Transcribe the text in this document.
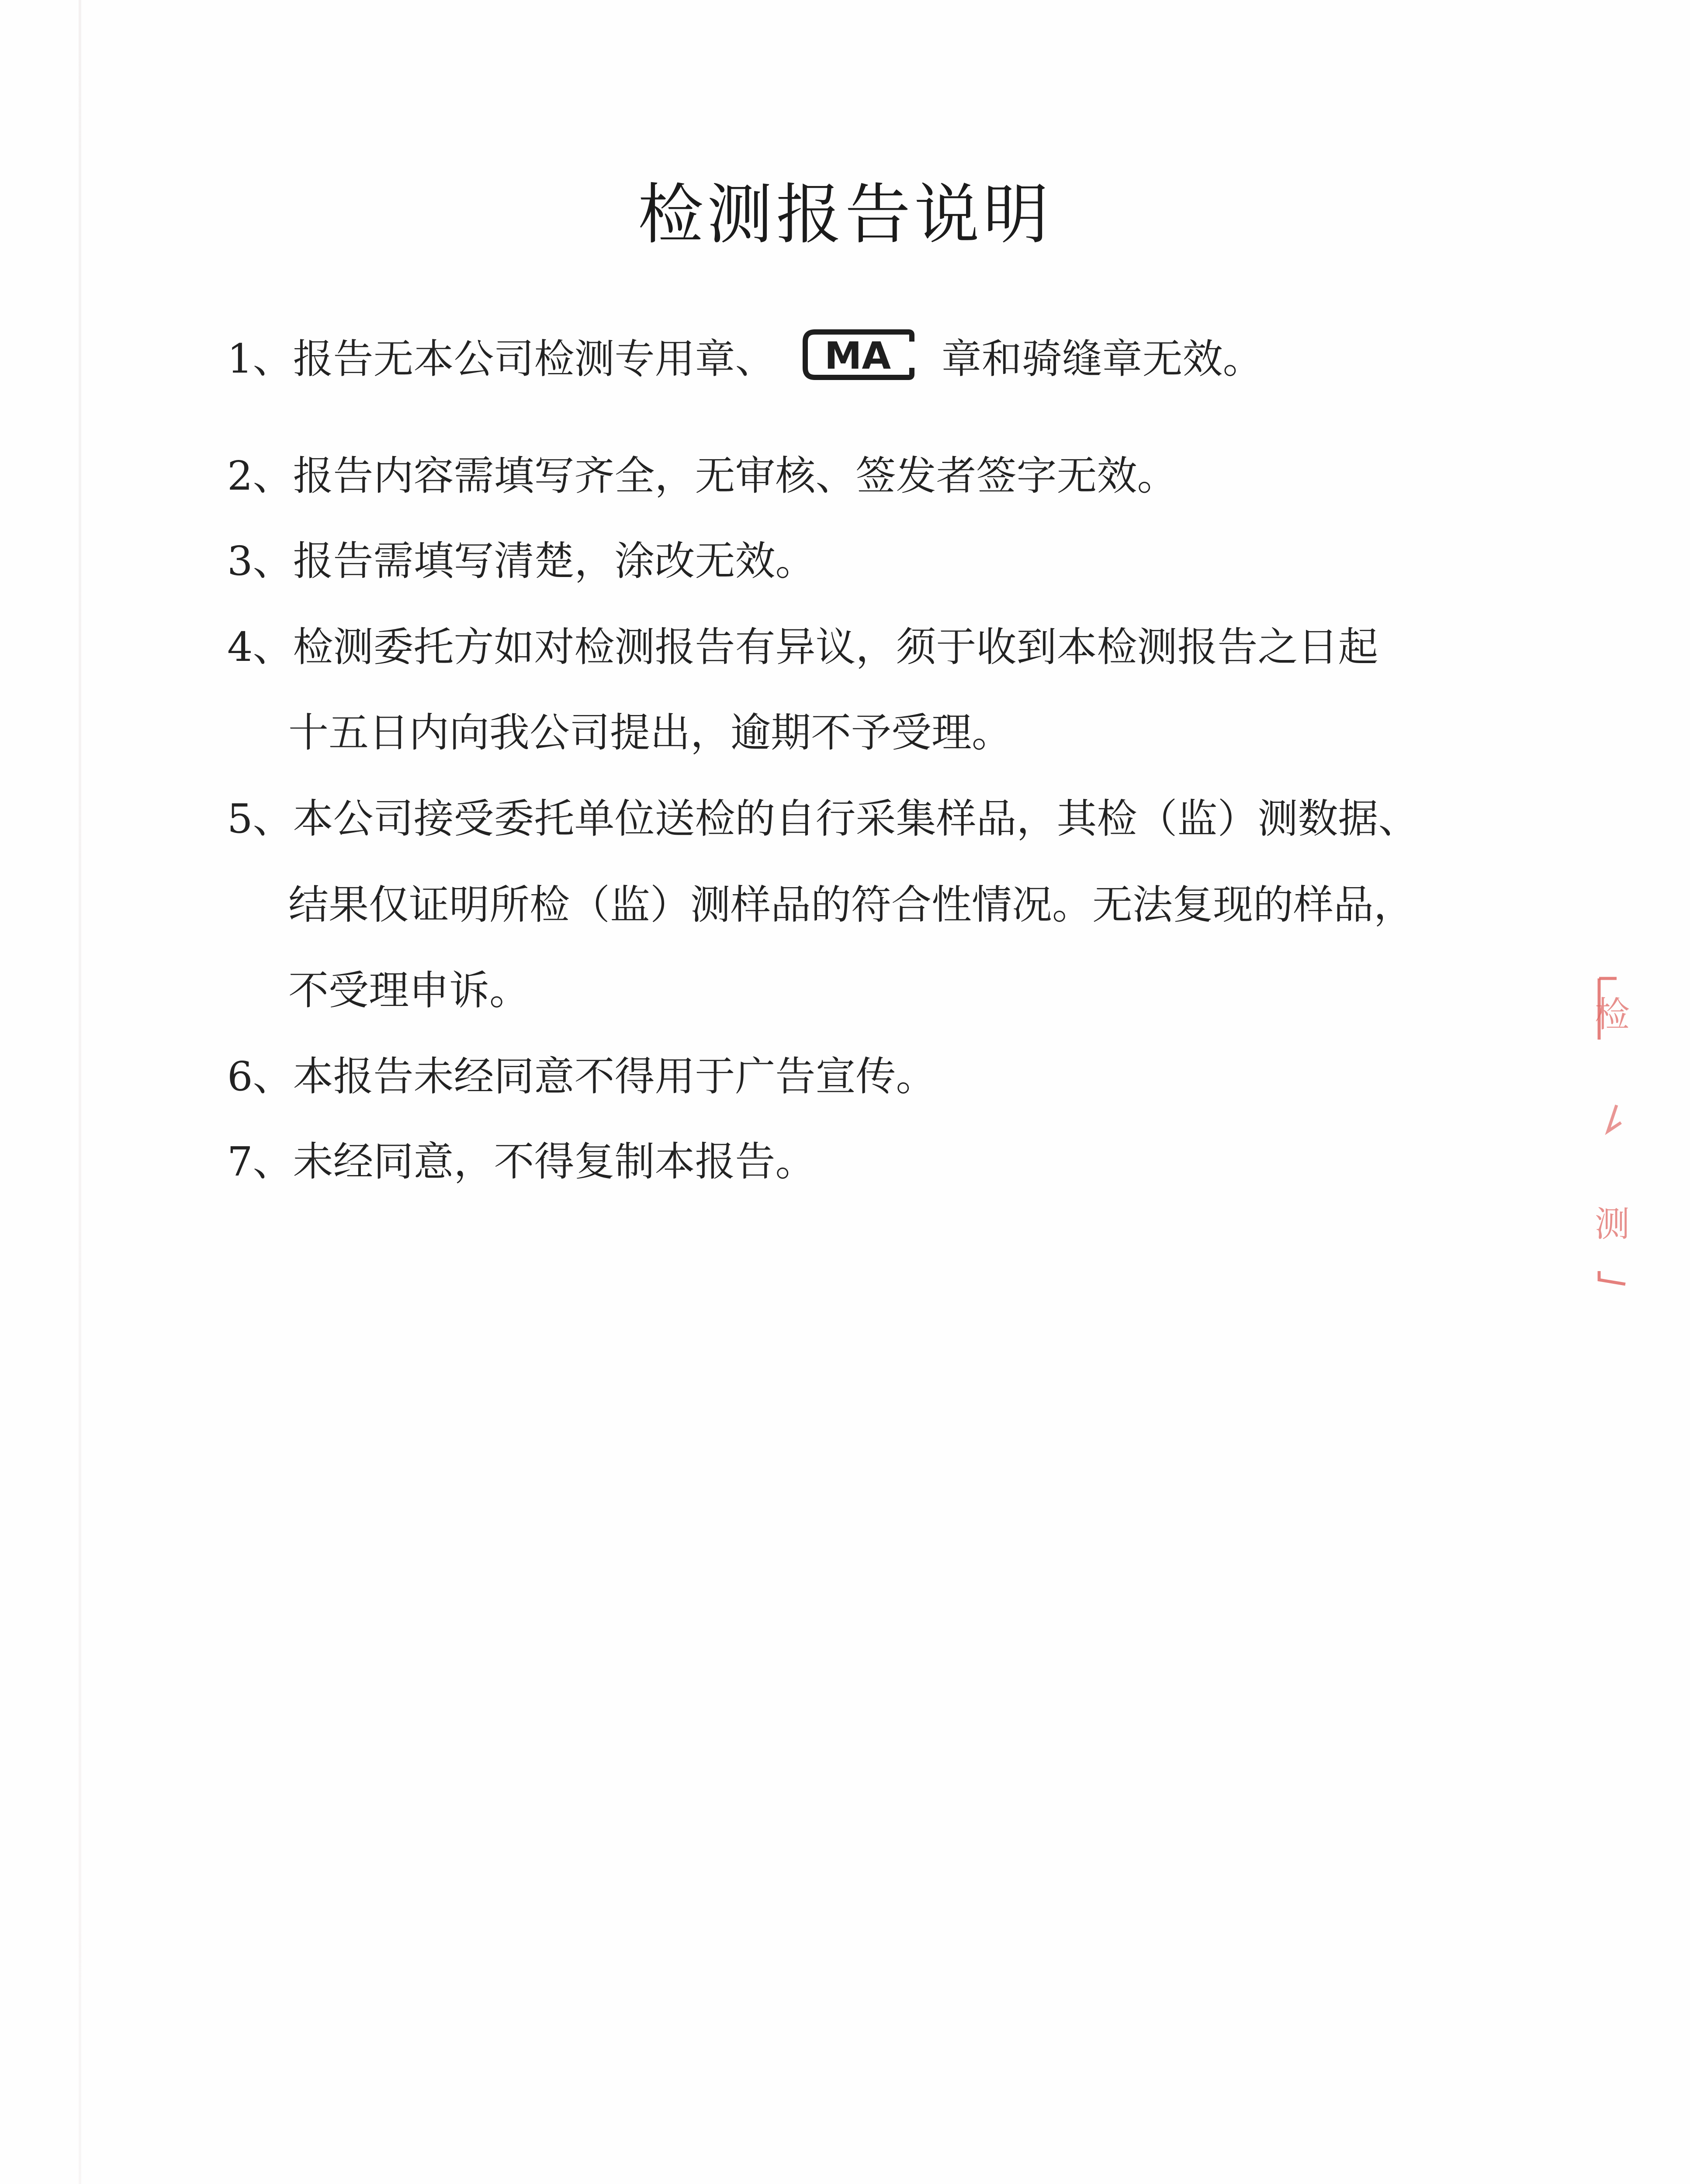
检测报告说明
1、报告无本公司检测专用章、 MA 章和骑缝章无效。
2、报告内容需填写齐全，无审核、签发者签字无效。
3、报告需填写清楚，涂改无效。
4、检测委托方如对检测报告有异议，须于收到本检测报告之日起
十五日内向我公司提出，逾期不予受理。
5、本公司接受委托单位送检的自行采集样品，其检（监）测数据、
结果仅证明所检（监）测样品的符合性情况。无法复现的样品，
不受理申诉。
6、本报告未经同意不得用于广告宣传。
7、未经同意，不得复制本报告。
检
测
